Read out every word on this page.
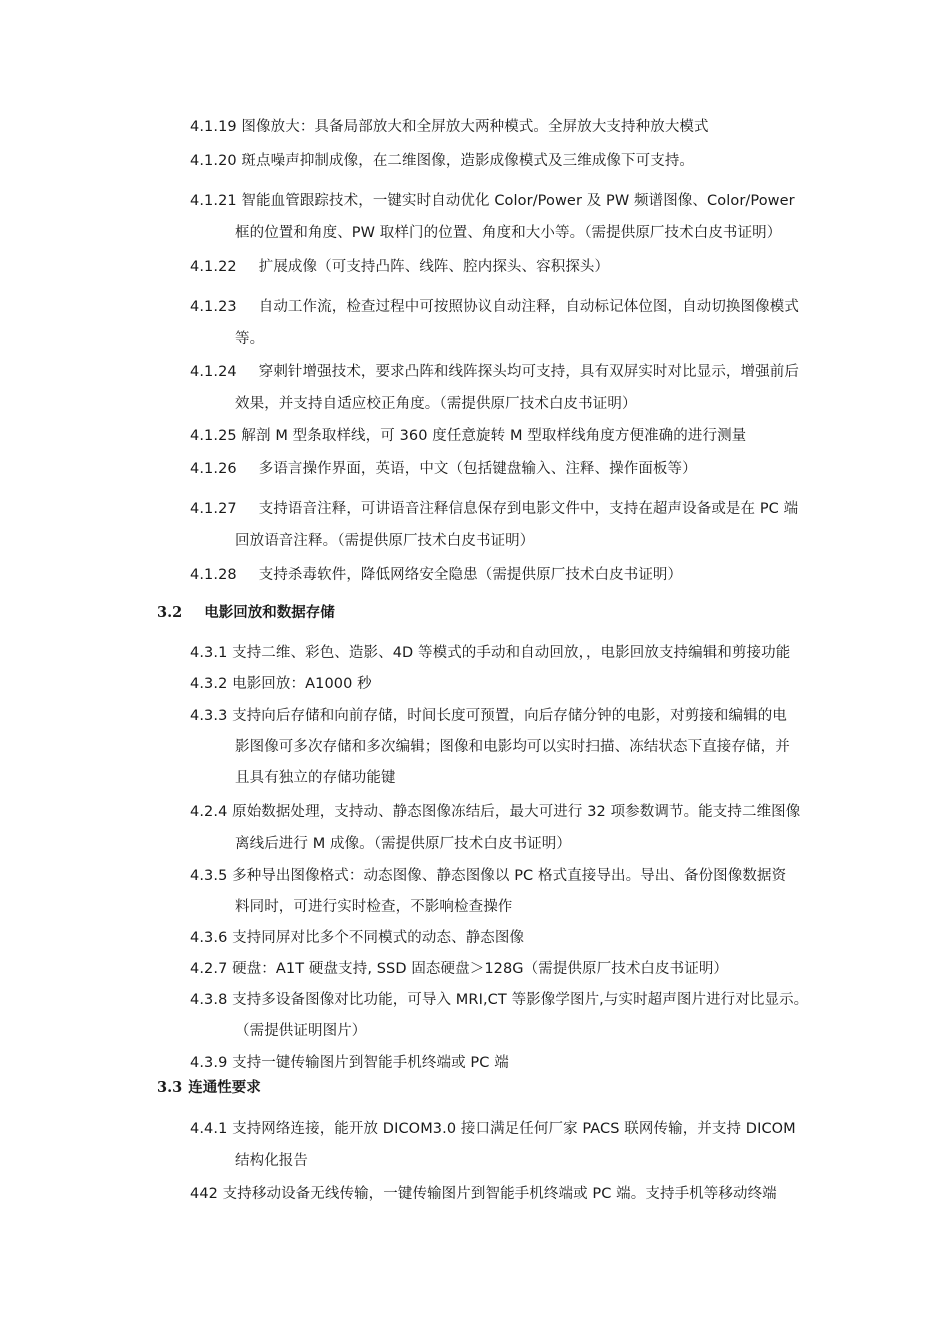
4.1.19 图像放大：具备局部放大和全屏放大两种模式。全屏放大支持种放大模式
4.1.20 斑点噪声抑制成像，在二维图像，造影成像模式及三维成像下可支持。
4.1.21 智能血管跟踪技术，一键实时自动优化 Color/Power 及 PW 频谱图像、Color/Power
框的位置和角度、PW 取样门的位置、角度和大小等。（需提供原厂技术白皮书证明）
4.1.22 扩展成像（可支持凸阵、线阵、腔内探头、容积探头）
4.1.23 自动工作流，检查过程中可按照协议自动注释，自动标记体位图，自动切换图像模式
等。
4.1.24 穿刺针增强技术，要求凸阵和线阵探头均可支持，具有双屏实时对比显示，增强前后
效果，并支持自适应校正角度。（需提供原厂技术白皮书证明）
4.1.25 解剖 M 型条取样线，可 360 度任意旋转 M 型取样线角度方便准确的进行测量
4.1.26 多语言操作界面，英语，中文（包括键盘输入、注释、操作面板等）
4.1.27 支持语音注释，可讲语音注释信息保存到电影文件中，支持在超声设备或是在 PC 端
回放语音注释。（需提供原厂技术白皮书证明）
4.1.28 支持杀毒软件，降低网络安全隐患（需提供原厂技术白皮书证明）
3.2 电影回放和数据存储
4.3.1 支持二维、彩色、造影、4D 等模式的手动和自动回放，，电影回放支持编辑和剪接功能
4.3.2 电影回放：A1000 秒
4.3.3 支持向后存储和向前存储，时间长度可预置，向后存储分钟的电影，对剪接和编辑的电
影图像可多次存储和多次编辑；图像和电影均可以实时扫描、冻结状态下直接存储，并
且具有独立的存储功能键
4.2.4 原始数据处理，支持动、静态图像冻结后，最大可进行 32 项参数调节。能支持二维图像
离线后进行 M 成像。（需提供原厂技术白皮书证明）
4.3.5 多种导出图像格式：动态图像、静态图像以 PC 格式直接导出。导出、备份图像数据资
料同时，可进行实时检查，不影响检查操作
4.3.6 支持同屏对比多个不同模式的动态、静态图像
4.2.7 硬盘：A1T 硬盘支持, SSD 固态硬盘＞128G（需提供原厂技术白皮书证明）
4.3.8 支持多设备图像对比功能，可导入 MRI,CT 等影像学图片,与实时超声图片进行对比显示。
（需提供证明图片）
4.3.9 支持一键传输图片到智能手机终端或 PC 端
3.3 连通性要求
4.4.1 支持网络连接，能开放 DICOM3.0 接口满足任何厂家 PACS 联网传输，并支持 DICOM
结构化报告
442 支持移动设备无线传输，一键传输图片到智能手机终端或 PC 端。支持手机等移动终端
